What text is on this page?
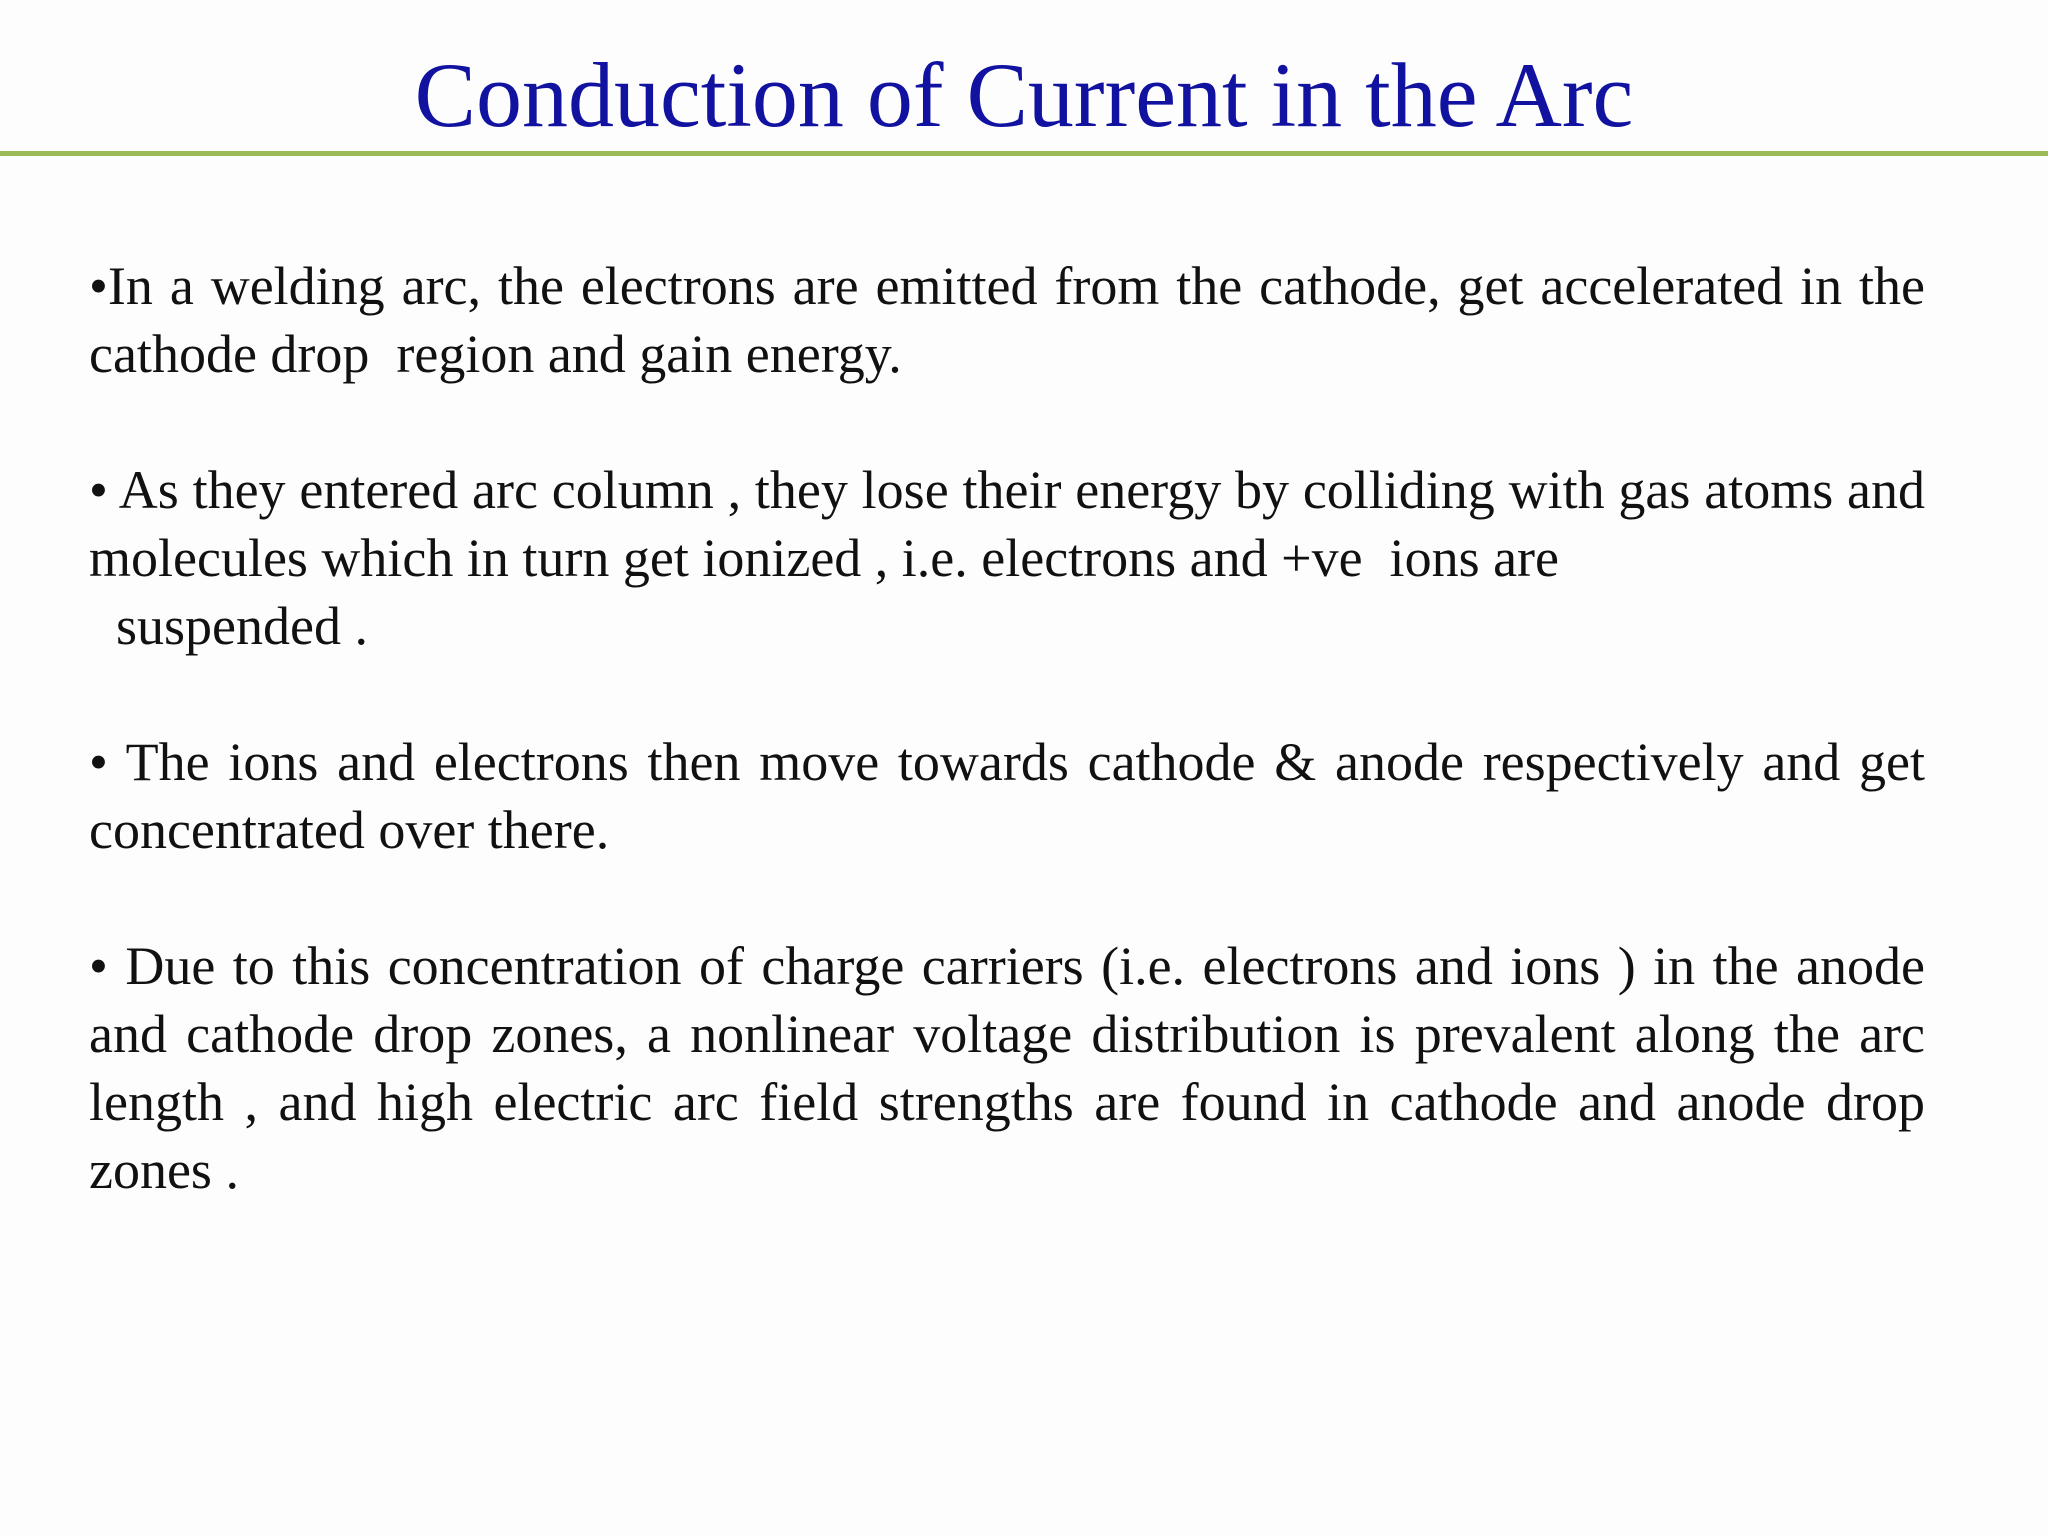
Conduction of Current in the Arc

•In a welding arc, the electrons are emitted from the cathode, get accelerated in the cathode drop  region and gain energy.

• As they entered arc column , they lose their energy by colliding with gas atoms and molecules which in turn get ionized , i.e. electrons and +ve  ions are
suspended .

• The ions and electrons then move towards cathode & anode respectively and get concentrated over there.

• Due to this concentration of charge carriers (i.e. electrons and ions ) in the anode and cathode drop zones, a nonlinear voltage distribution is prevalent along the arc length , and high electric arc field strengths are found in cathode and anode drop zones .
